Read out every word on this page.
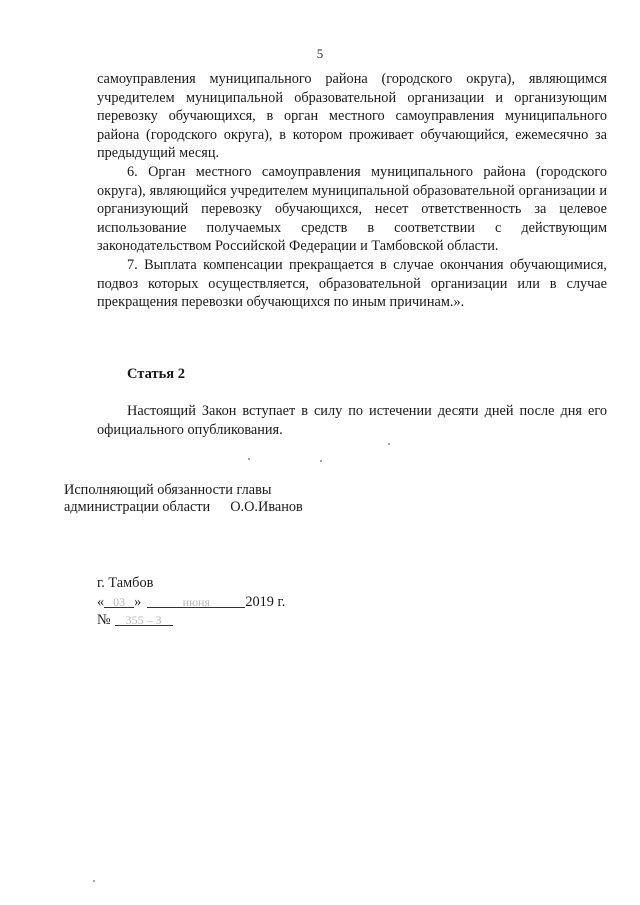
5

самоуправления муниципального района (городского округа), являющимся учредителем муниципальной образовательной организации и организующим перевозку обучающихся, в орган местного самоуправления муниципального района (городского округа), в котором проживает обучающийся, ежемесячно за предыдущий месяц.

6. Орган местного самоуправления муниципального района (городского округа), являющийся учредителем муниципальной образовательной организации и организующий перевозку обучающихся, несет ответственность за целевое использование получаемых средств в соответствии с действующим законодательством Российской Федерации и Тамбовской области.

7. Выплата компенсации прекращается в случае окончания обучающимися, подвоз которых осуществляется, образовательной организации или в случае прекращения перевозки обучающихся по иным причинам.».

Статья 2

Настоящий Закон вступает в силу по истечении десяти дней после дня его официального опубликования.

Исполняющий обязанности главы
администрации области О.О.Иванов
г. Тамбов
« 03 »	июня 2019 г.
№ 355 – З
